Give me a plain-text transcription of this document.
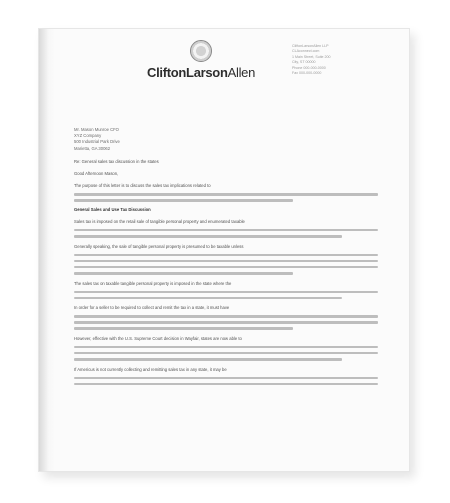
CliftonLarsonAllen
CliftonLarsonAllen LLP
CLAconnect.com
1 Main Street, Suite 200
City, ST 00000
Phone 000-000-0000
Fax 000-000-0000
Mr. Mason Munroe CFO
XYZ Company
500 Industrial Park Drive
Marietta, GA 30062
Re: General sales tax discussion in the states
Good Afternoon Mason,
The purpose of this letter is to discuss the sales tax implications related to
General Sales and Use Tax Discussion
Sales tax is imposed on the retail sale of tangible personal property and enumerated taxable
Generally speaking, the sale of tangible personal property is presumed to be taxable unless
The sales tax on taxable tangible personal property is imposed in the state where the
In order for a seller to be required to collect and remit the tax in a state, it must have
However, effective with the U.S. Supreme Court decision in Wayfair, states are now able to
If Americus is not currently collecting and remitting sales tax in any state, it may be
